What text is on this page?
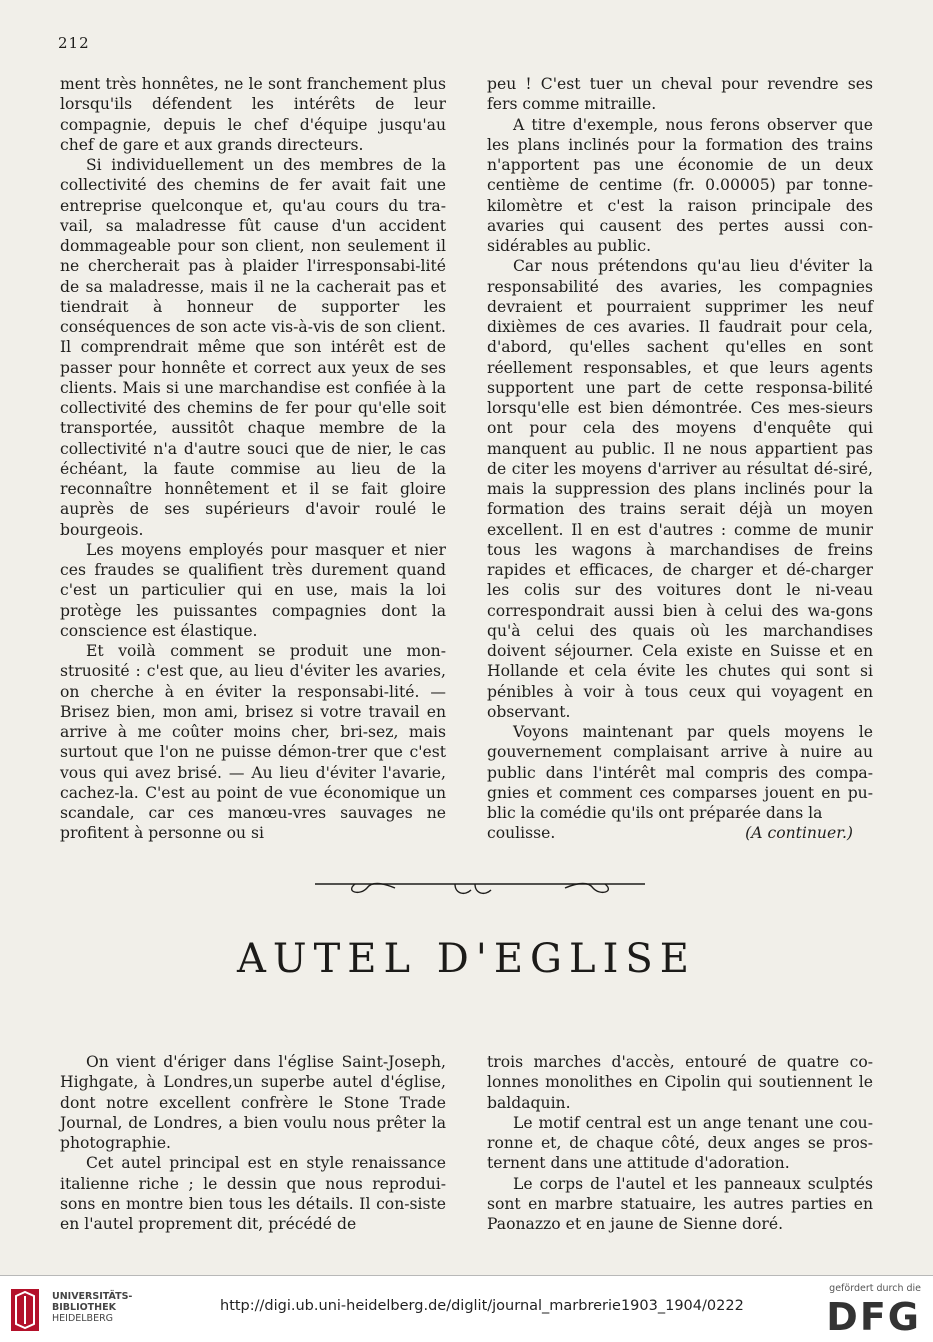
212

ment très honnêtes, ne le sont franchement plus lorsqu'ils défendent les intérêts de leur compagnie, depuis le chef d'équipe jusqu'au chef de gare et aux grands directeurs.

Si individuellement un des membres de la collectivité des chemins de fer avait fait une entreprise quelconque et, qu'au cours du tra-vail, sa maladresse fût cause d'un accident dommageable pour son client, non seulement il ne chercherait pas à plaider l'irresponsabi-lité de sa maladresse, mais il ne la cacherait pas et tiendrait à honneur de supporter les conséquences de son acte vis-à-vis de son client. Il comprendrait même que son intérêt est de passer pour honnête et correct aux yeux de ses clients. Mais si une marchandise est confiée à la collectivité des chemins de fer pour qu'elle soit transportée, aussitôt chaque membre de la collectivité n'a d'autre souci que de nier, le cas échéant, la faute commise au lieu de la reconnaître honnêtement et il se fait gloire auprès de ses supérieurs d'avoir roulé le bourgeois.

Les moyens employés pour masquer et nier ces fraudes se qualifient très durement quand c'est un particulier qui en use, mais la loi protège les puissantes compagnies dont la conscience est élastique.

Et voilà comment se produit une mon-struosité : c'est que, au lieu d'éviter les avaries, on cherche à en éviter la responsabi-lité. — Brisez bien, mon ami, brisez si votre travail en arrive à me coûter moins cher, bri-sez, mais surtout que l'on ne puisse démon-trer que c'est vous qui avez brisé. — Au lieu d'éviter l'avarie, cachez-la. C'est au point de vue économique un scandale, car ces manœu-vres sauvages ne profitent à personne ou si

peu ! C'est tuer un cheval pour revendre ses fers comme mitraille.

A titre d'exemple, nous ferons observer que les plans inclinés pour la formation des trains n'apportent pas une économie de un deux centième de centime (fr. 0.00005) par tonne-kilomètre et c'est la raison principale des avaries qui causent des pertes aussi con-sidérables au public.

Car nous prétendons qu'au lieu d'éviter la responsabilité des avaries, les compagnies devraient et pourraient supprimer les neuf dixièmes de ces avaries. Il faudrait pour cela, d'abord, qu'elles sachent qu'elles en sont réellement responsables, et que leurs agents supportent une part de cette responsa-bilité lorsqu'elle est bien démontrée. Ces mes-sieurs ont pour cela des moyens d'enquête qui manquent au public. Il ne nous appartient pas de citer les moyens d'arriver au résultat dé-siré, mais la suppression des plans inclinés pour la formation des trains serait déjà un moyen excellent. Il en est d'autres : comme de munir tous les wagons à marchandises de freins rapides et efficaces, de charger et dé-charger les colis sur des voitures dont le ni-veau correspondrait aussi bien à celui des wa-gons qu'à celui des quais où les marchandises doivent séjourner. Cela existe en Suisse et en Hollande et cela évite les chutes qui sont si pénibles à voir à tous ceux qui voyagent en observant.

Voyons maintenant par quels moyens le gouvernement complaisant arrive à nuire au public dans l'intérêt mal compris des compa-gnies et comment ces comparses jouent en pu-blic la comédie qu'ils ont préparée dans la

coulisse.	(A continuer.)
AUTEL D'EGLISE

On vient d'ériger dans l'église Saint-Joseph, Highgate, à Londres,un superbe autel d'église, dont notre excellent confrère le Stone Trade Journal, de Londres, a bien voulu nous prêter la photographie.

Cet autel principal est en style renaissance italienne riche ; le dessin que nous reprodui-sons en montre bien tous les détails. Il con-siste en l'autel proprement dit, précédé de

trois marches d'accès, entouré de quatre co-lonnes monolithes en Cipolin qui soutiennent le baldaquin.

Le motif central est un ange tenant une cou-ronne et, de chaque côté, deux anges se pros-ternent dans une attitude d'adoration.

Le corps de l'autel et les panneaux sculptés sont en marbre statuaire, les autres parties en Paonazzo et en jaune de Sienne doré.

UNIVERSITÄTS-
BIBLIOTHEK
HEIDELBERG
http://digi.ub.uni-heidelberg.de/diglit/journal_marbrerie1903_1904/0222
gefördert durch die
DFG
